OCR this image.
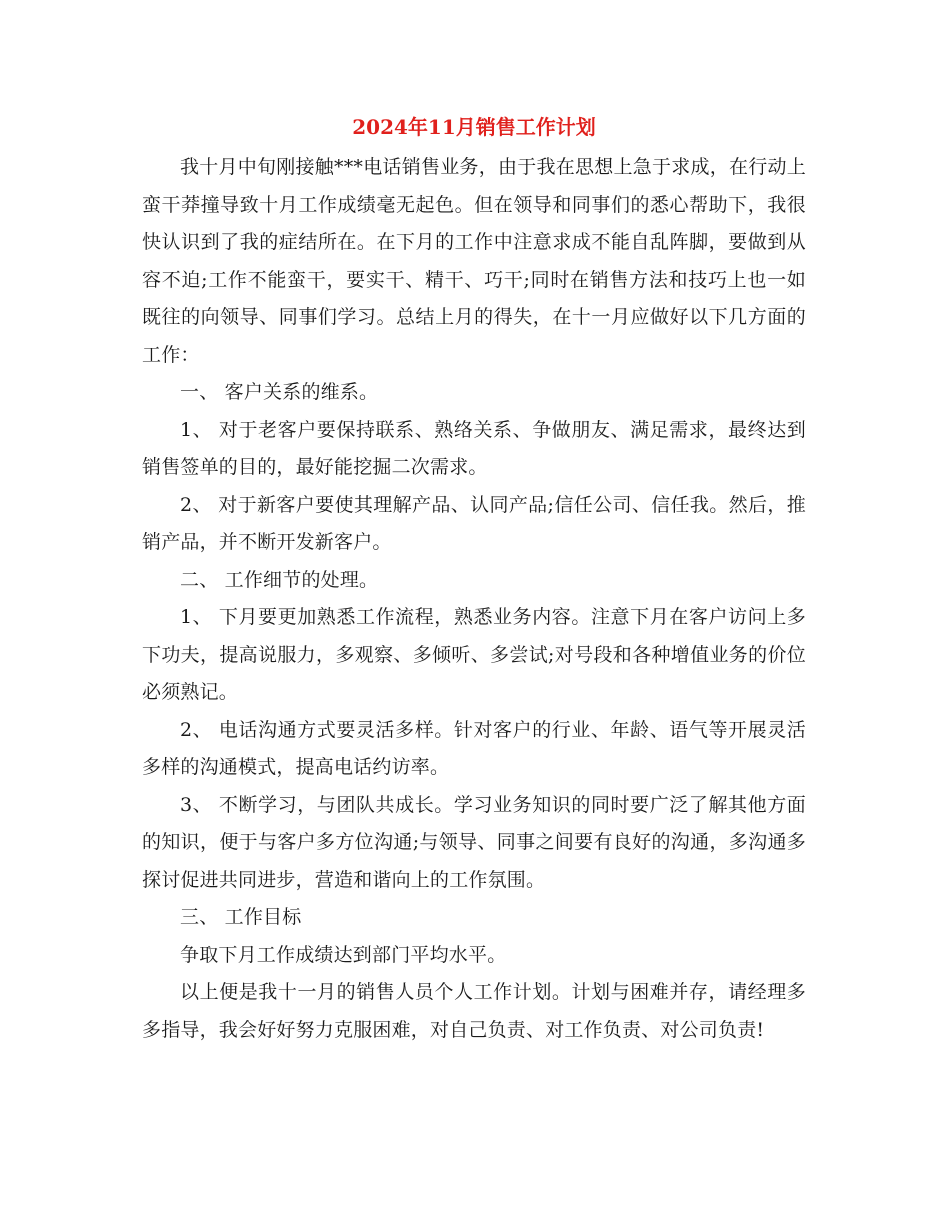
2024年11月销售工作计划

我十月中旬刚接触***电话销售业务，由于我在思想上急于求成，在行动上蛮干莽撞导致十月工作成绩毫无起色。但在领导和同事们的悉心帮助下，我很快认识到了我的症结所在。在下月的工作中注意求成不能自乱阵脚，要做到从容不迫;工作不能蛮干，要实干、精干、巧干;同时在销售方法和技巧上也一如既往的向领导、同事们学习。总结上月的得失，在十一月应做好以下几方面的工作：

一、 客户关系的维系。

1、 对于老客户要保持联系、熟络关系、争做朋友、满足需求，最终达到销售签单的目的，最好能挖掘二次需求。

2、 对于新客户要使其理解产品、认同产品;信任公司、信任我。然后，推销产品，并不断开发新客户。

二、 工作细节的处理。

1、 下月要更加熟悉工作流程，熟悉业务内容。注意下月在客户访问上多下功夫，提高说服力，多观察、多倾听、多尝试;对号段和各种增值业务的价位必须熟记。

2、 电话沟通方式要灵活多样。针对客户的行业、年龄、语气等开展灵活多样的沟通模式，提高电话约访率。

3、 不断学习，与团队共成长。学习业务知识的同时要广泛了解其他方面的知识，便于与客户多方位沟通;与领导、同事之间要有良好的沟通，多沟通多探讨促进共同进步，营造和谐向上的工作氛围。

三、 工作目标

争取下月工作成绩达到部门平均水平。

以上便是我十一月的销售人员个人工作计划。计划与困难并存，请经理多多指导，我会好好努力克服困难，对自己负责、对工作负责、对公司负责!
